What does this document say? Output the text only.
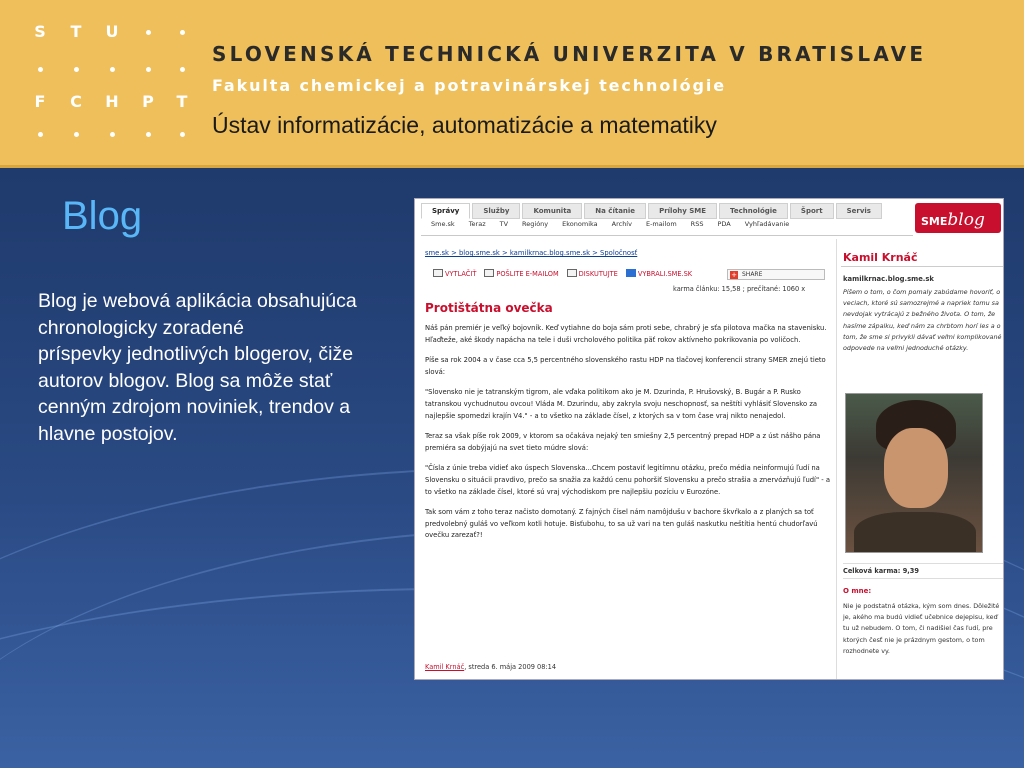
S	T	U
F	C	H	P	T
SLOVENSKÁ TECHNICKÁ UNIVERZITA V BRATISLAVE
Fakulta chemickej a potravinárskej technológie
Ústav informatizácie, automatizácie a matematiky
Blog
Blog je webová aplikácia obsahujúca chronologicky zoradené
príspevky jednotlivých blogerov, čiže autorov blogov. Blog sa môže stať cenným zdrojom noviniek, trendov a hlavne postojov.
Správy	Služby	Komunita	Na čítanie	Prílohy SME	Technológie	Šport	Servis
Sme.sk Teraz TV Regióny Ekonomika Archív E-mailom RSS PDA Vyhľadávanie	SMEblog
sme.sk > blog.sme.sk > kamilkrnac.blog.sme.sk > Spoločnosť
VYTLAČIŤ	POŠLITE E-MAILOM	DISKUTUJTE	VYBRALI.SME.SK	+ SHARE
karma článku: 15,58 ; prečítané: 1060 x
Protištátna ovečka

Náš pán premiér je veľký bojovník. Keď vytiahne do boja sám proti sebe, chrabrý je sťa pilotova mačka na stavenisku. Hľaďteže, aké škody napácha na tele i duši vrcholového politika päť rokov aktívneho pokrikovania po voličoch.

Píše sa rok 2004 a v čase cca 5,5 percentného slovenského rastu HDP na tlačovej konferencii strany SMER znejú tieto slová:

"Slovensko nie je tatranským tigrom, ale vďaka politikom ako je M. Dzurinda, P. Hrušovský, B. Bugár a P. Rusko tatranskou vychudnutou ovcou! Vláda M. Dzurindu, aby zakryla svoju neschopnosť, sa neštíti vyhlásiť Slovensko za najlepšie spomedzi krajín V4." - a to všetko na základe čísel, z ktorých sa v tom čase vraj nikto nenajedol.

Teraz sa však píše rok 2009, v ktorom sa očakáva nejaký ten smiešny 2,5 percentný prepad HDP a z úst nášho pána premiéra sa dobýjajú na svet tieto múdre slová:

"Čísla z únie treba vidieť ako úspech Slovenska...Chcem postaviť legitímnu otázku, prečo média neinformujú ľudí na Slovensku o situácii pravdivo, prečo sa snažia za každú cenu pohoršiť Slovensku a prečo strašia a znervózňujú ľudí" - a to všetko na základe čísel, ktoré sú vraj východiskom pre najlepšiu pozíciu v Eurozóne.

Tak som vám z toho teraz načisto domotaný. Z fajných čísel nám namôjdušu v bachore škvŕkalo a z planých sa toť predvolebný guláš vo veľkom kotli hotuje. Bisťubohu, to sa už vari na ten guláš naskutku neštítia hentú chudorľavú ovečku zarezať?!

Kamil Krnáč, streda 6. mája 2009 08:14
Kamil Krnáč
kamilkrnac.blog.sme.sk
Píšem o tom, o čom pomaly zabúdame hovoriť, o veciach, ktoré sú samozrejmé a napriek tomu sa nevdojak vytrácajú z bežného života. O tom, že hasíme zápalku, keď nám za chrbtom horí les a o tom, že sme si privykli dávať veľmi komplikované odpovede na veľmi jednoduché otázky.
Celková karma: 9,39
O mne:
Nie je podstatná otázka, kým som dnes. Dôležité je, akého ma budú vidieť učebnice dejepisu, keď tu už nebudem. O tom, či nadišiel čas ľudí, pre ktorých česť nie je prázdnym gestom, o tom rozhodnete vy.
